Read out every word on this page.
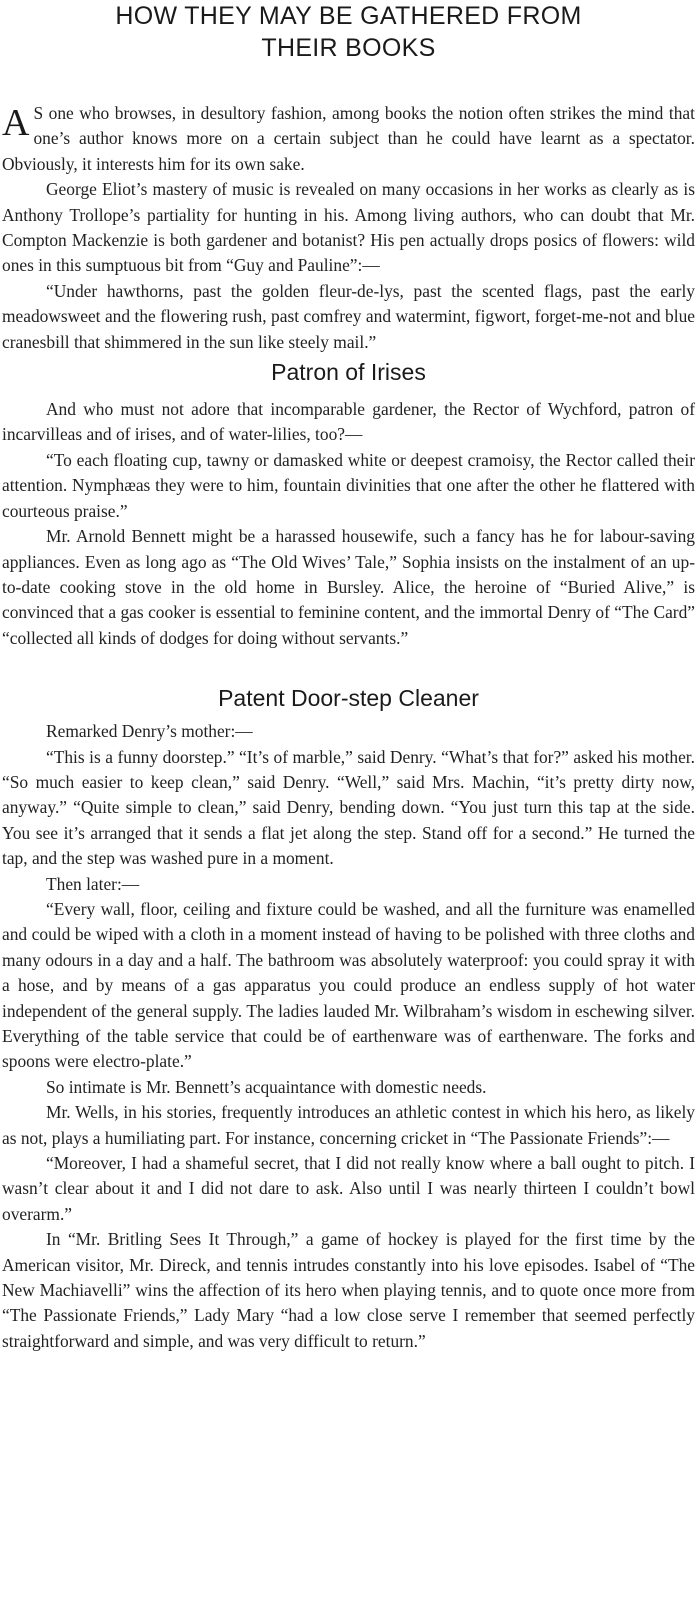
HOW THEY MAY BE GATHERED FROM
THEIR BOOKS

A S one who browses, in desultory fashion, among books the notion often strikes the mind that one’s author knows more on a certain subject than he could have learnt as a spectator. Obviously, it interests him for its own sake.

George Eliot’s mastery of music is revealed on many occasions in her works as clearly as is Anthony Trollope’s partiality for hunting in his. Among living authors, who can doubt that Mr. Compton Mackenzie is both gardener and botanist? His pen actually drops posics of flowers: wild ones in this sumptuous bit from “Guy and Pauline”:—

“Under hawthorns, past the golden fleur-de-lys, past the scented flags, past the early meadowsweet and the flowering rush, past comfrey and watermint, figwort, forget-me-not and blue cranesbill that shimmered in the sun like steely mail.”

Patron of Irises

And who must not adore that incomparable gardener, the Rector of Wychford, patron of incarvilleas and of irises, and of water-lilies, too?—

“To each floating cup, tawny or damasked white or deepest cramoisy, the Rector called their attention. Nymphæas they were to him, fountain divinities that one after the other he flattered with courteous praise.”

Mr. Arnold Bennett might be a harassed housewife, such a fancy has he for labour-saving appliances. Even as long ago as “The Old Wives’ Tale,” Sophia insists on the instalment of an up-to-date cooking stove in the old home in Bursley. Alice, the heroine of “Buried Alive,” is convinced that a gas cooker is essential to feminine content, and the immortal Denry of “The Card” “collected all kinds of dodges for doing without servants.”

Patent Door-step Cleaner

Remarked Denry’s mother:—

“This is a funny doorstep.” “It’s of marble,” said Denry. “What’s that for?” asked his mother. “So much easier to keep clean,” said Denry. “Well,” said Mrs. Machin, “it’s pretty dirty now, anyway.” “Quite simple to clean,” said Denry, bending down. “You just turn this tap at the side. You see it’s arranged that it sends a flat jet along the step. Stand off for a second.” He turned the tap, and the step was washed pure in a moment.

Then later:—

“Every wall, floor, ceiling and fixture could be washed, and all the furniture was enamelled and could be wiped with a cloth in a moment instead of having to be polished with three cloths and many odours in a day and a half. The bathroom was absolutely waterproof: you could spray it with a hose, and by means of a gas apparatus you could produce an endless supply of hot water independent of the general supply. The ladies lauded Mr. Wilbraham’s wisdom in eschewing silver. Everything of the table service that could be of earthenware was of earthenware. The forks and spoons were electro-plate.”

So intimate is Mr. Bennett’s acquaintance with domestic needs.

Mr. Wells, in his stories, frequently introduces an athletic contest in which his hero, as likely as not, plays a humiliating part. For instance, concerning cricket in “The Passionate Friends”:—

“Moreover, I had a shameful secret, that I did not really know where a ball ought to pitch. I wasn’t clear about it and I did not dare to ask. Also until I was nearly thirteen I couldn’t bowl overarm.”

In “Mr. Britling Sees It Through,” a game of hockey is played for the first time by the American visitor, Mr. Direck, and tennis intrudes constantly into his love episodes. Isabel of “The New Machiavelli” wins the affection of its hero when playing tennis, and to quote once more from “The Passionate Friends,” Lady Mary “had a low close serve I remember that seemed perfectly straightforward and simple, and was very difficult to return.”
